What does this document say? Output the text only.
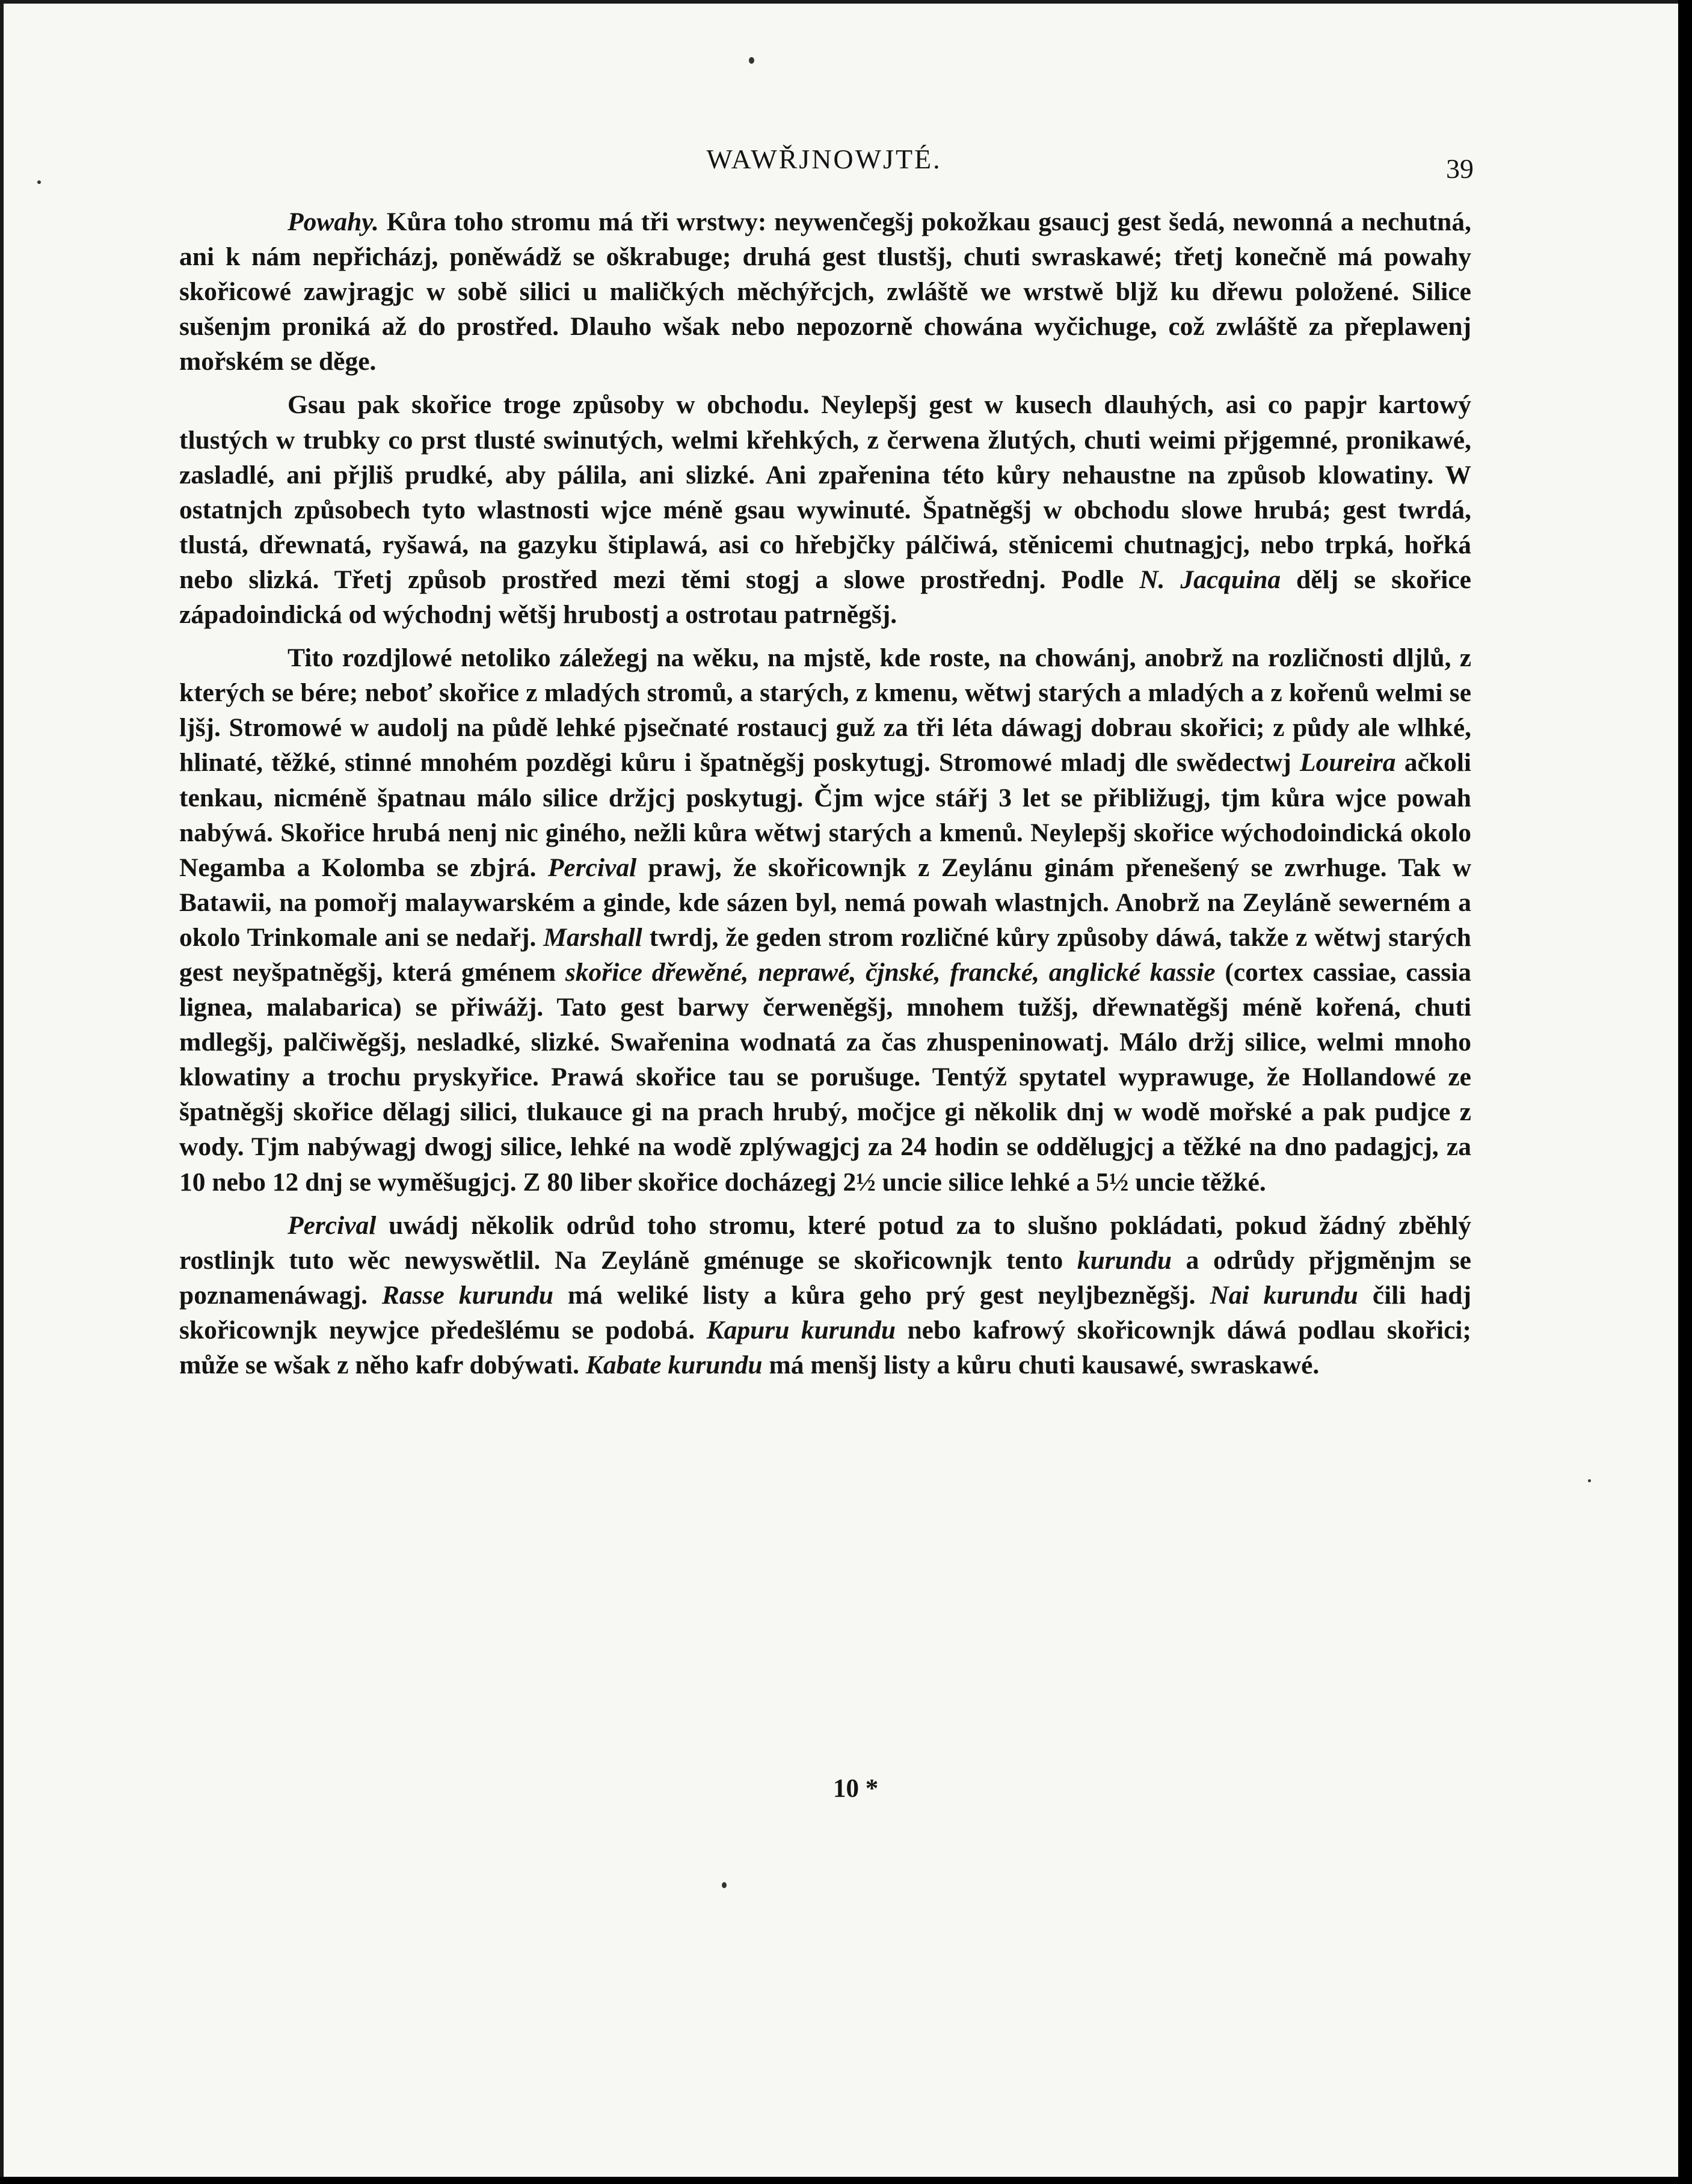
WAWŘJNOWJTÉ.	39

Powahy. Kůra toho stromu má tři wrstwy: neywenčegšj pokožkau gsaucj gest šedá, newonná a nechutná, ani k nám nepřicházj, poněwádž se oškrabuge; druhá gest tlustšj, chuti swraskawé; třetj konečně má powahy skořicowé zawjragjc w sobě silici u maličkých měchýřcjch, zwláště we wrstwě bljž ku dřewu položené. Silice sušenjm proniká až do prostřed. Dlauho wšak nebo nepozorně chowána wyčichuge, což zwláště za přeplawenj mořském se děge.

Gsau pak skořice troge způsoby w obchodu. Neylepšj gest w kusech dlauhých, asi co papjr kartowý tlustých w trubky co prst tlusté swinutých, welmi křehkých, z čerwena žlutých, chuti weimi přjgemné, pronikawé, zasladlé, ani přjliš prudké, aby pálila, ani slizké. Ani zpařenina této kůry nehaustne na způsob klowatiny. W ostatnjch způsobech tyto wlastnosti wjce méně gsau wywinuté. Špatněgšj w obchodu slowe hrubá; gest twrdá, tlustá, dřewnatá, ryšawá, na gazyku štiplawá, asi co hřebjčky pálčiwá, stěnicemi chutnagjcj, nebo trpká, hořká nebo slizká. Třetj způsob prostřed mezi těmi stogj a slowe prostřednj. Podle N. Jacquina dělj se skořice západoindická od wýchodnj wětšj hrubostj a ostrotau patrněgšj.

Tito rozdjlowé netoliko záležegj na wěku, na mjstě, kde roste, na chowánj, anobrž na rozličnosti dljlů, z kterých se bére; neboť skořice z mladých stromů, a starých, z kmenu, wětwj starých a mladých a z kořenů welmi se ljšj. Stromowé w audolj na půdě lehké pjsečnaté rostaucj guž za tři léta dáwagj dobrau skořici; z půdy ale wlhké, hlinaté, těžké, stinné mnohém pozděgi kůru i špatněgšj poskytugj. Stromowé mladj dle swědectwj Loureira ačkoli tenkau, nicméně špatnau málo silice držjcj poskytugj. Čjm wjce stářj 3 let se přibližugj, tjm kůra wjce powah nabýwá. Skořice hrubá nenj nic giného, nežli kůra wětwj starých a kmenů. Neylepšj skořice wýchodoindická okolo Negamba a Kolomba se zbjrá. Percival prawj, že skořicownjk z Zeylánu ginám přenešený se zwrhuge. Tak w Batawii, na pomořj malaywarském a ginde, kde sázen byl, nemá powah wlastnjch. Anobrž na Zeyláně sewerném a okolo Trinkomale ani se nedařj. Marshall twrdj, že geden strom rozličné kůry způsoby dáwá, takže z wětwj starých gest neyšpatněgšj, která gménem skořice dřewěné, neprawé, čjnské, francké, anglické kassie (cortex cassiae, cassia lignea, malabarica) se přiwážj. Tato gest barwy čerweněgšj, mnohem tužšj, dřewnatěgšj méně kořená, chuti mdlegšj, palčiwěgšj, nesladké, slizké. Swařenina wodnatá za čas zhuspeninowatj. Málo držj silice, welmi mnoho klowatiny a trochu pryskyřice. Prawá skořice tau se porušuge. Tentýž spytatel wyprawuge, že Hollandowé ze špatněgšj skořice dělagj silici, tlukauce gi na prach hrubý, močjce gi několik dnj w wodě mořské a pak pudjce z wody. Tjm nabýwagj dwogj silice, lehké na wodě zplýwagjcj za 24 hodin se oddělugjcj a těžké na dno padagjcj, za 10 nebo 12 dnj se wyměšugjcj. Z 80 liber skořice docházegj 2½ uncie silice lehké a 5½ uncie těžké.

Percival uwádj několik odrůd toho stromu, které potud za to slušno pokládati, pokud žádný zběhlý rostlinjk tuto wěc newyswětlil. Na Zeyláně gménuge se skořicownjk tento kurundu a odrůdy přjgměnjm se poznamenáwagj. Rasse kurundu má weliké listy a kůra geho prý gest neyljbezněgšj. Nai kurundu čili hadj skořicownjk neywjce předešlému se podobá. Kapuru kurundu nebo kafrowý skořicownjk dáwá podlau skořici; může se wšak z něho kafr dobýwati. Kabate kurundu má menšj listy a kůru chuti kausawé, swraskawé.

10 *
